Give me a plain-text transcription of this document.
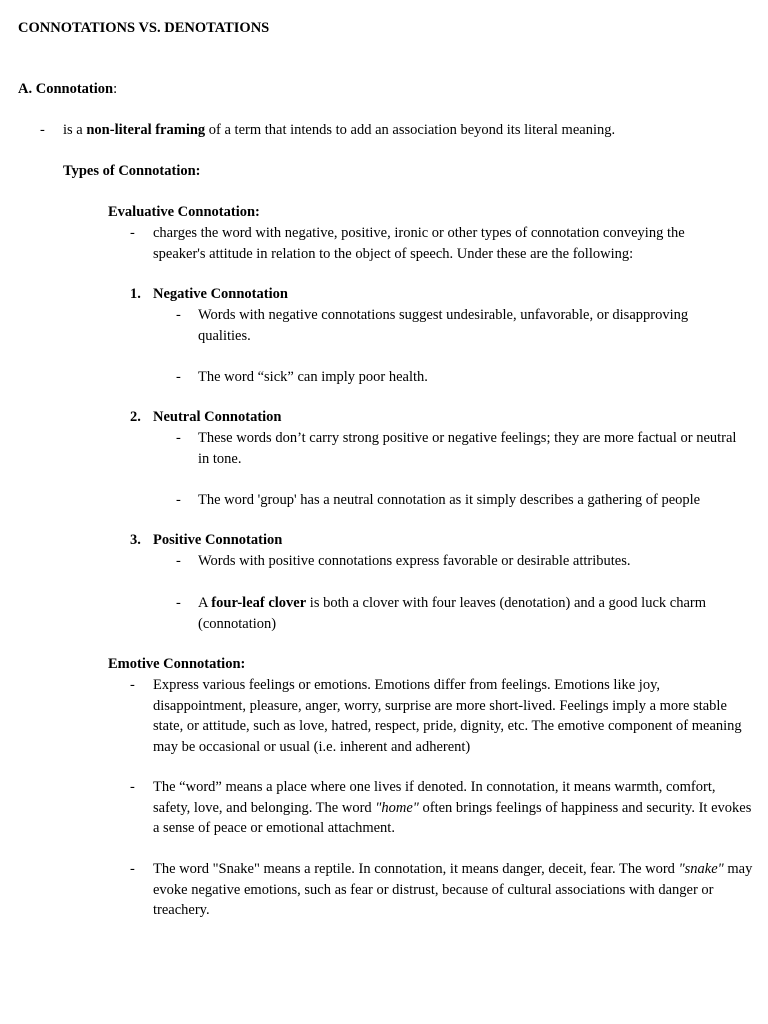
CONNOTATIONS VS. DENOTATIONS
A. Connotation:
- is a non-literal framing of a term that intends to add an association beyond its literal meaning.
Types of Connotation:
Evaluative Connotation:
- charges the word with negative, positive, ironic or other types of connotation conveying the speaker's attitude in relation to the object of speech. Under these are the following:
1. Negative Connotation
- Words with negative connotations suggest undesirable, unfavorable, or disapproving qualities.
- The word “sick” can imply poor health.
2. Neutral Connotation
- These words don’t carry strong positive or negative feelings; they are more factual or neutral in tone.
- The word 'group' has a neutral connotation as it simply describes a gathering of people
3. Positive Connotation
- Words with positive connotations express favorable or desirable attributes.
- A four-leaf clover is both a clover with four leaves (denotation) and a good luck charm (connotation)
Emotive Connotation:
- Express various feelings or emotions. Emotions differ from feelings. Emotions like joy, disappointment, pleasure, anger, worry, surprise are more short-lived. Feelings imply a more stable state, or attitude, such as love, hatred, respect, pride, dignity, etc. The emotive component of meaning may be occasional or usual (i.e. inherent and adherent)
- The “word” means a place where one lives if denoted. In connotation, it means warmth, comfort, safety, love, and belonging. The word "home" often brings feelings of happiness and security. It evokes a sense of peace or emotional attachment.
- The word "Snake" means a reptile. In connotation, it means danger, deceit, fear. The word "snake" may evoke negative emotions, such as fear or distrust, because of cultural associations with danger or treachery.
